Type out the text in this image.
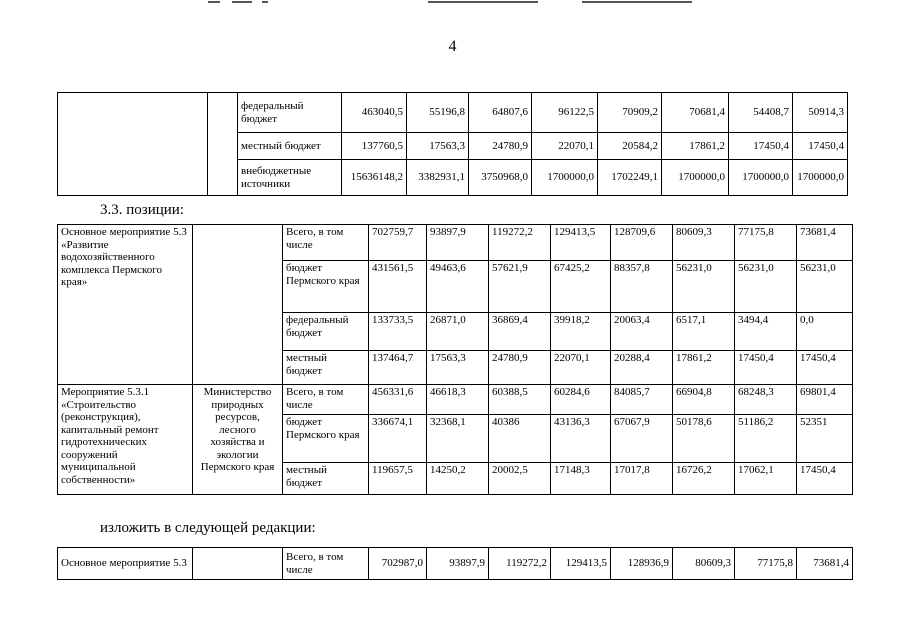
4
		федеральный бюджет	463040,5	55196,8	64807,6	96122,5	70909,2	70681,4	54408,7	50914,3
		местный бюджет	137760,5	17563,3	24780,9	22070,1	20584,2	17861,2	17450,4	17450,4
		внебюджетные источники	15636148,2	3382931,1	3750968,0	1700000,0	1702249,1	1700000,0	1700000,0	1700000,0
3.3. позиции:
Основное мероприятие 5.3 «Развитие водохозяйственного комплекса Пермского края»		Всего, в том числе	702759,7	93897,9	119272,2	129413,5	128709,6	80609,3	77175,8	73681,4
		бюджет Пермского края	431561,5	49463,6	57621,9	67425,2	88357,8	56231,0	56231,0	56231,0
		федеральный бюджет	133733,5	26871,0	36869,4	39918,2	20063,4	6517,1	3494,4	0,0
		местный бюджет	137464,7	17563,3	24780,9	22070,1	20288,4	17861,2	17450,4	17450,4
Мероприятие 5.3.1 «Строительство (реконструкция), капитальный ремонт гидротехнических сооружений муниципальной собственности»	Министерство природных ресурсов, лесного хозяйства и экологии Пермского края	Всего, в том числе	456331,6	46618,3	60388,5	60284,6	84085,7	66904,8	68248,3	69801,4
		бюджет Пермского края	336674,1	32368,1	40386	43136,3	67067,9	50178,6	51186,2	52351
		местный бюджет	119657,5	14250,2	20002,5	17148,3	17017,8	16726,2	17062,1	17450,4
изложить в следующей редакции:
Основное мероприятие 5.3		Всего, в том числе	702987,0	93897,9	119272,2	129413,5	128936,9	80609,3	77175,8	73681,4
